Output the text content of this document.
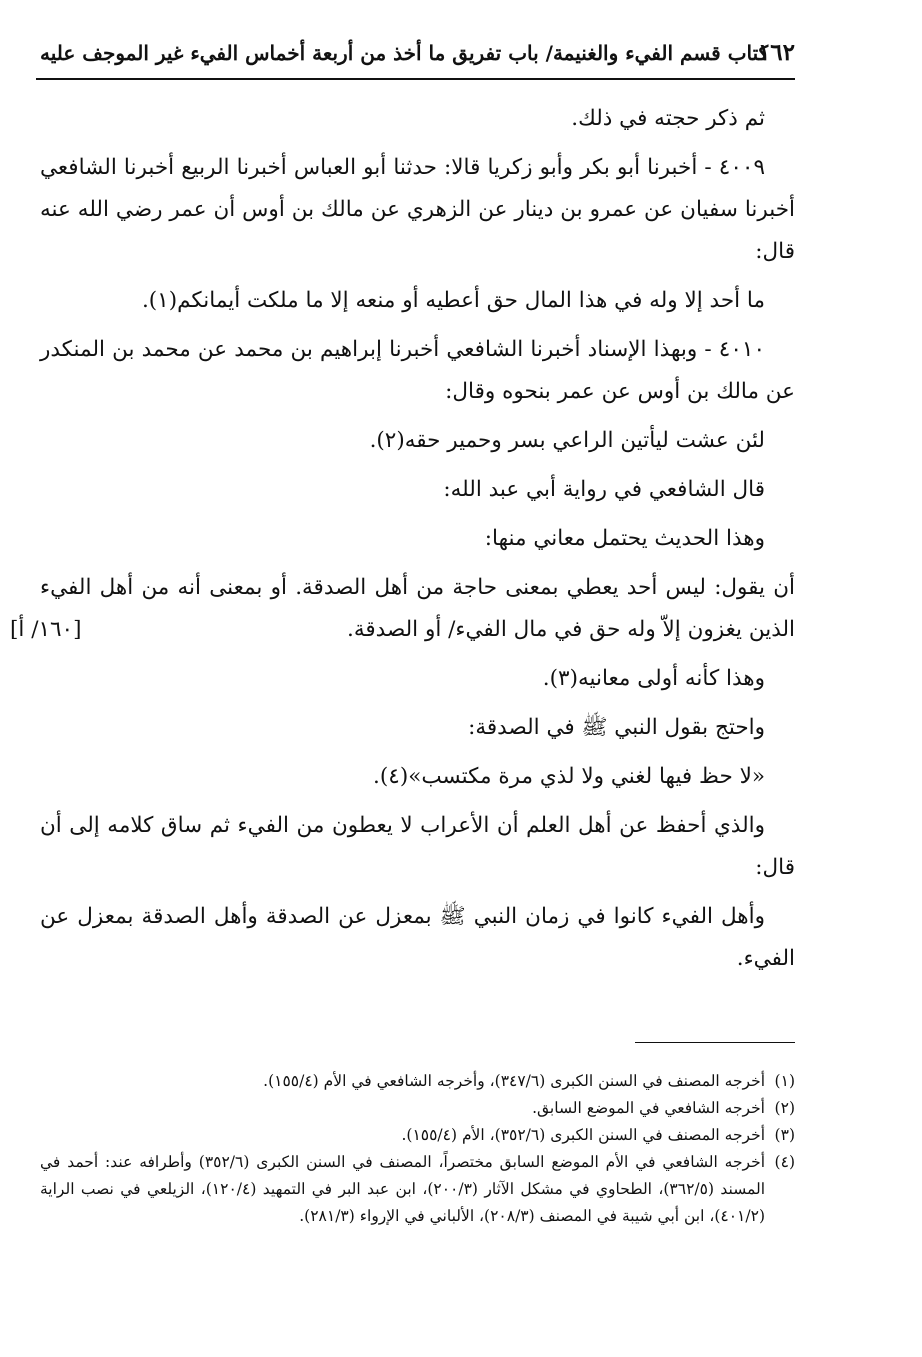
١٦٢
كتاب قسم الفيء والغنيمة/ باب تفريق ما أخذ من أربعة أخماس الفيء غير الموجف عليه

ثم ذكر حجته في ذلك.

٤٠٠٩ - أخبرنا أبو بكر وأبو زكريا قالا: حدثنا أبو العباس أخبرنا الربيع أخبرنا الشافعي أخبرنا سفيان عن عمرو بن دينار عن الزهري عن مالك بن أوس أن عمر رضي الله عنه قال:

ما أحد إلا وله في هذا المال حق أعطيه أو منعه إلا ما ملكت أيمانكم(١).

٤٠١٠ - وبهذا الإسناد أخبرنا الشافعي أخبرنا إبراهيم بن محمد عن محمد بن المنكدر عن مالك بن أوس عن عمر بنحوه وقال:

لئن عشت ليأتين الراعي بسر وحمير حقه(٢).

قال الشافعي في رواية أبي عبد الله:

وهذا الحديث يحتمل معاني منها:

أن يقول: ليس أحد يعطي بمعنى حاجة من أهل الصدقة. أو بمعنى أنه من أهل الفيء الذين يغزون إلاّ وله حق في مال الفيء/ أو الصدقة.
[١٦٠/ أ]

وهذا كأنه أولى معانيه(٣).

واحتج بقول النبي ﷺ في الصدقة:

«لا حظ فيها لغني ولا لذي مرة مكتسب»(٤).

والذي أحفظ عن أهل العلم أن الأعراب لا يعطون من الفيء ثم ساق كلامه إلى أن قال:

وأهل الفيء كانوا في زمان النبي ﷺ بمعزل عن الصدقة وأهل الصدقة بمعزل عن الفيء.

(١)
أخرجه المصنف في السنن الكبرى (٣٤٧/٦)، وأخرجه الشافعي في الأم (١٥٥/٤).
(٢)
أخرجه الشافعي في الموضع السابق.
(٣)
أخرجه المصنف في السنن الكبرى (٣٥٢/٦)، الأم (١٥٥/٤).
(٤)
أخرجه الشافعي في الأم الموضع السابق مختصراً، المصنف في السنن الكبرى (٣٥٢/٦) وأطرافه عند: أحمد في المسند (٣٦٢/٥)، الطحاوي في مشكل الآثار (٢٠٠/٣)، ابن عبد البر في التمهيد (١٢٠/٤)، الزيلعي في نصب الراية (٤٠١/٢)، ابن أبي شيبة في المصنف (٢٠٨/٣)، الألباني في الإرواء (٢٨١/٣).
